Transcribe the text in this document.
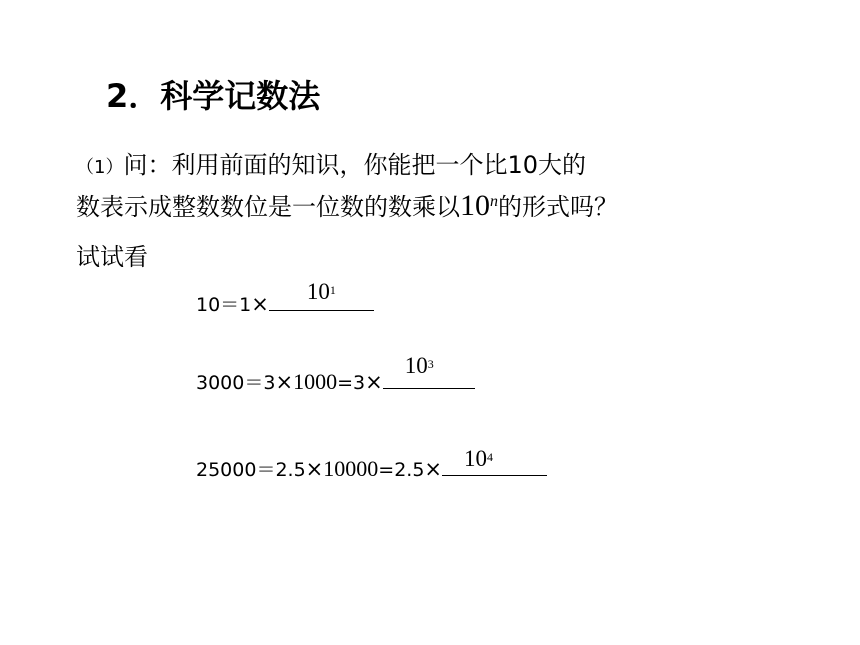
2．科学记数法
（1）问：利用前面的知识，你能把一个比10大的
数表示成整数数位是一位数的数乘以10$^n$的形式吗？
试试看
$10=1\times 10^1$
3000＝3×1000=3×
$10^3$
$25000=2.5\times 10000=2.5\times 10^4$
